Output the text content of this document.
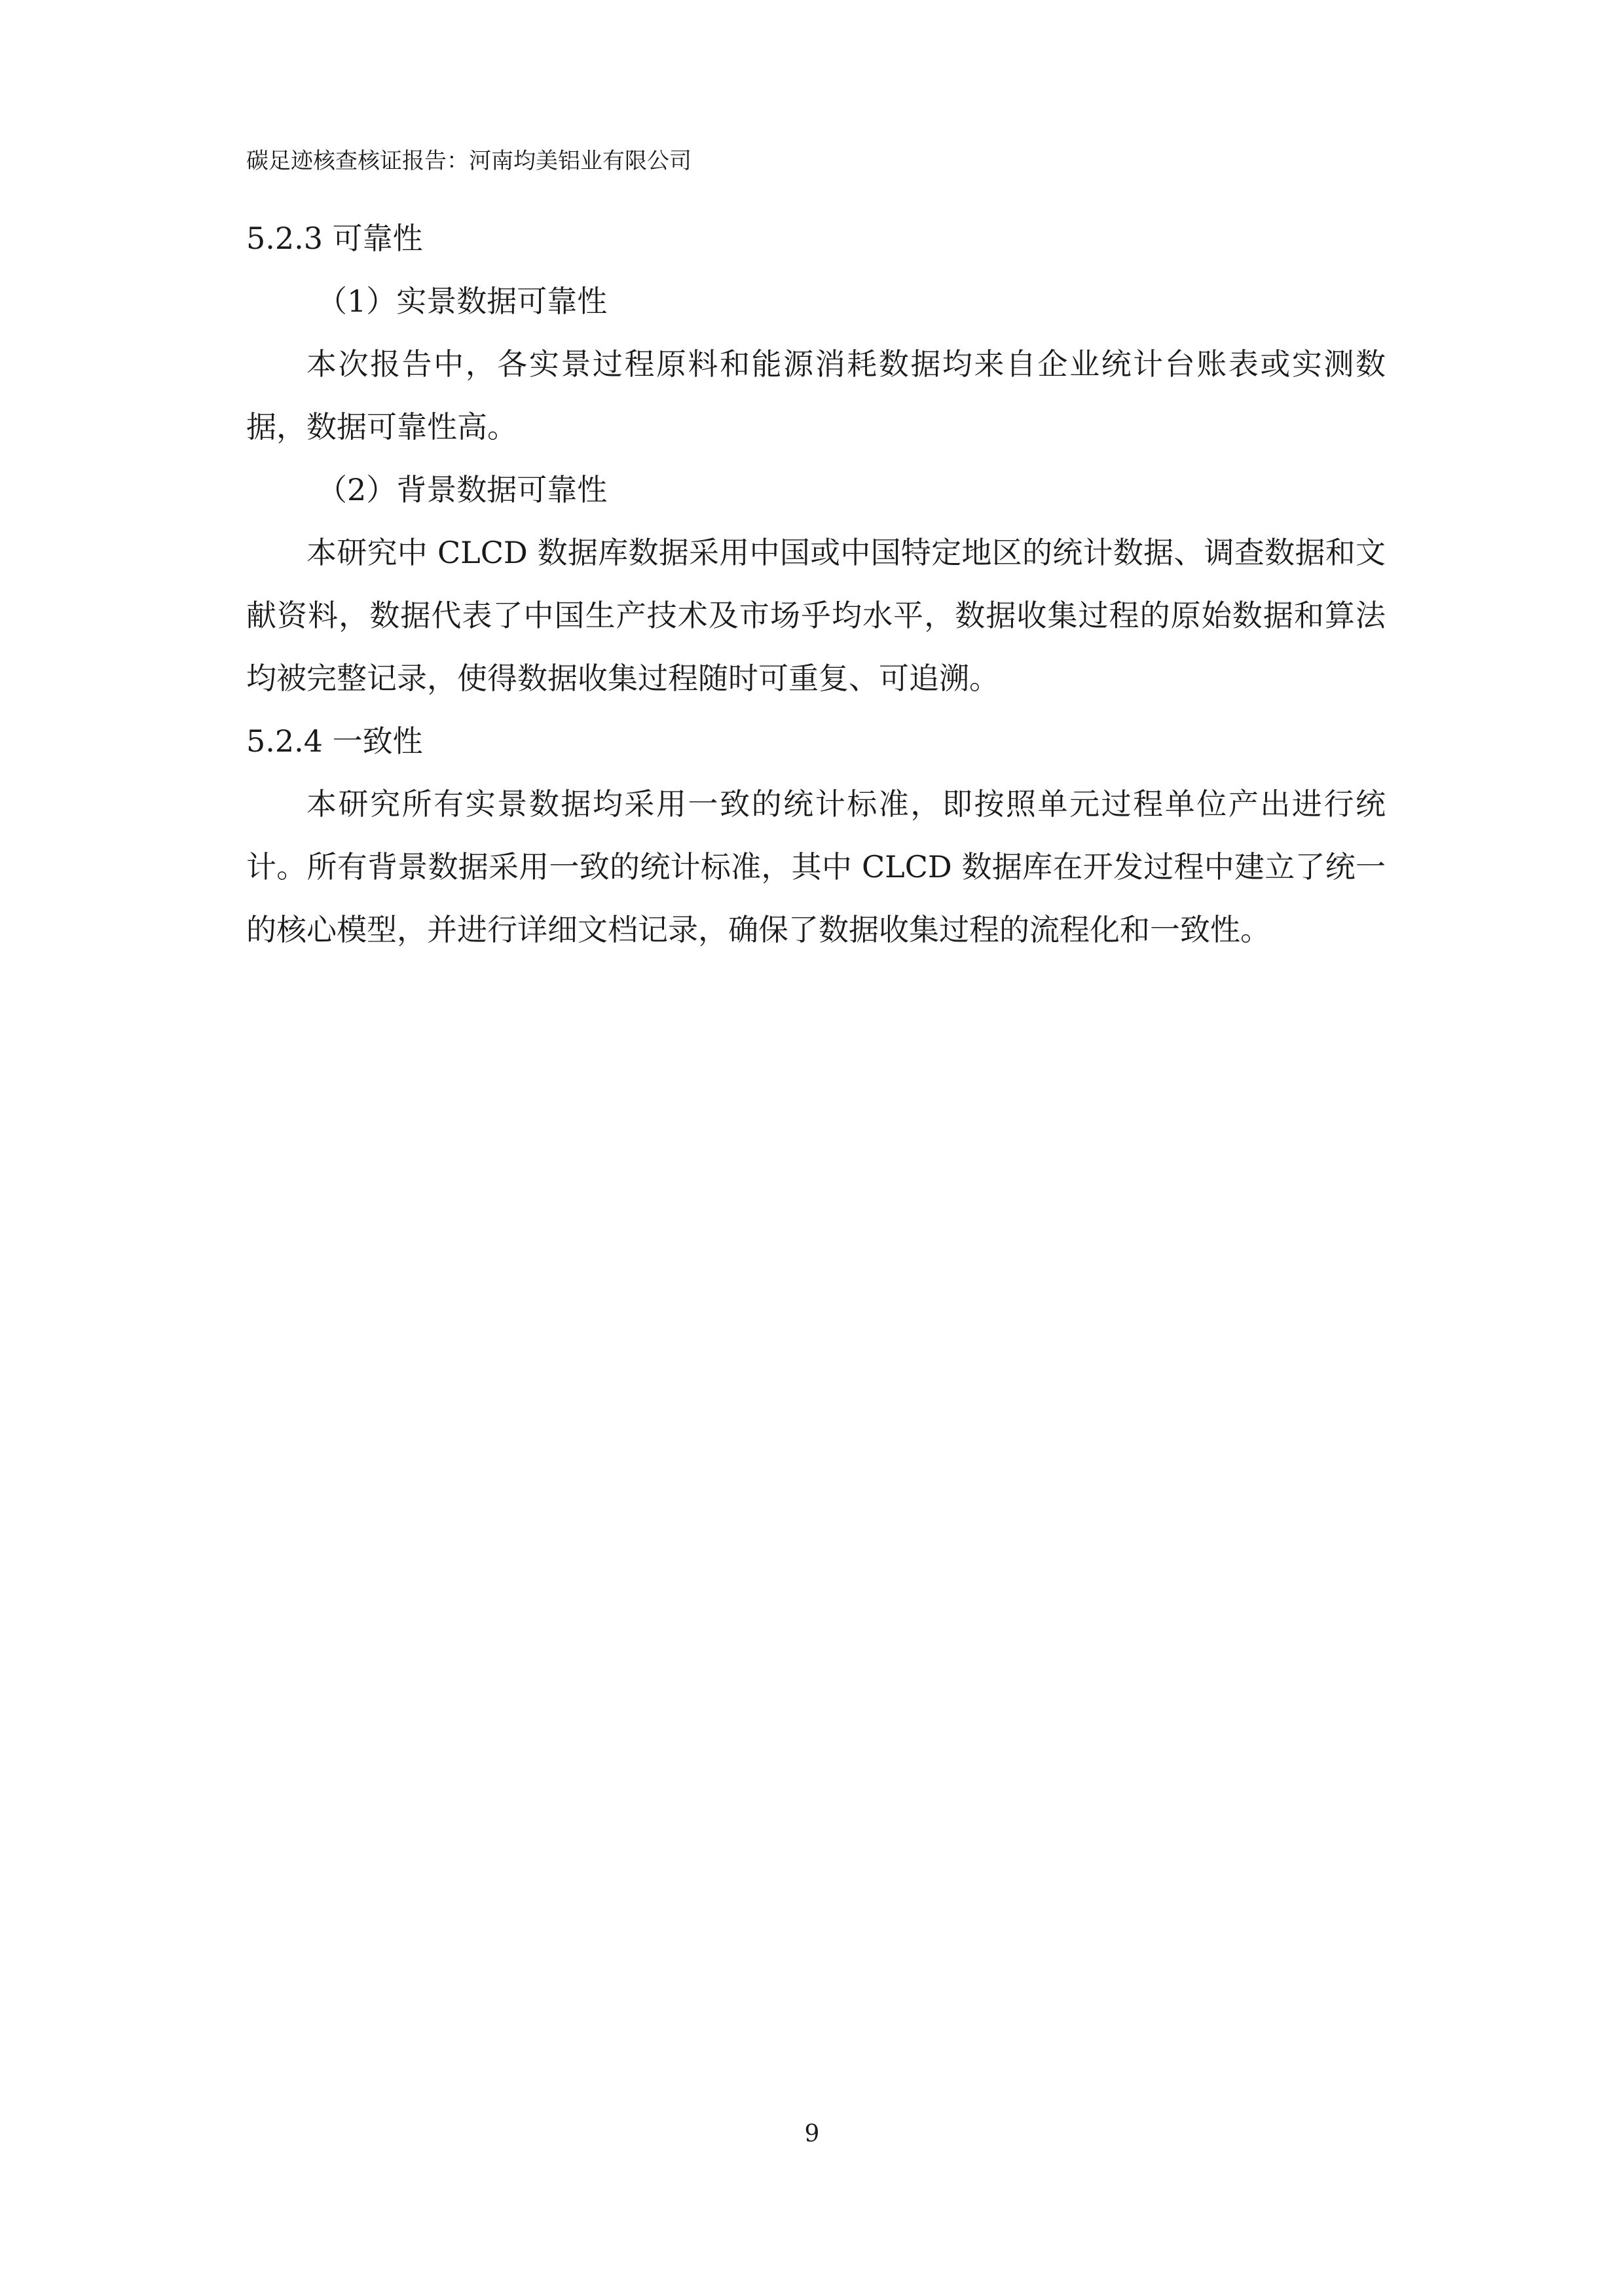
碳足迹核查核证报告：河南均美铝业有限公司

5.2.3 可靠性

（1）实景数据可靠性

本次报告中，各实景过程原料和能源消耗数据均来自企业统计台账表或实测数据，数据可靠性高。

（2）背景数据可靠性

本研究中 CLCD 数据库数据采用中国或中国特定地区的统计数据、调查数据和文献资料，数据代表了中国生产技术及市场乎均水平，数据收集过程的原始数据和算法均被完整记录，使得数据收集过程随时可重复、可追溯。

5.2.4 一致性

本研究所有实景数据均采用一致的统计标准，即按照单元过程单位产出进行统计。所有背景数据采用一致的统计标准，其中 CLCD 数据库在开发过程中建立了统一的核心模型，并进行详细文档记录，确保了数据收集过程的流程化和一致性。

9
